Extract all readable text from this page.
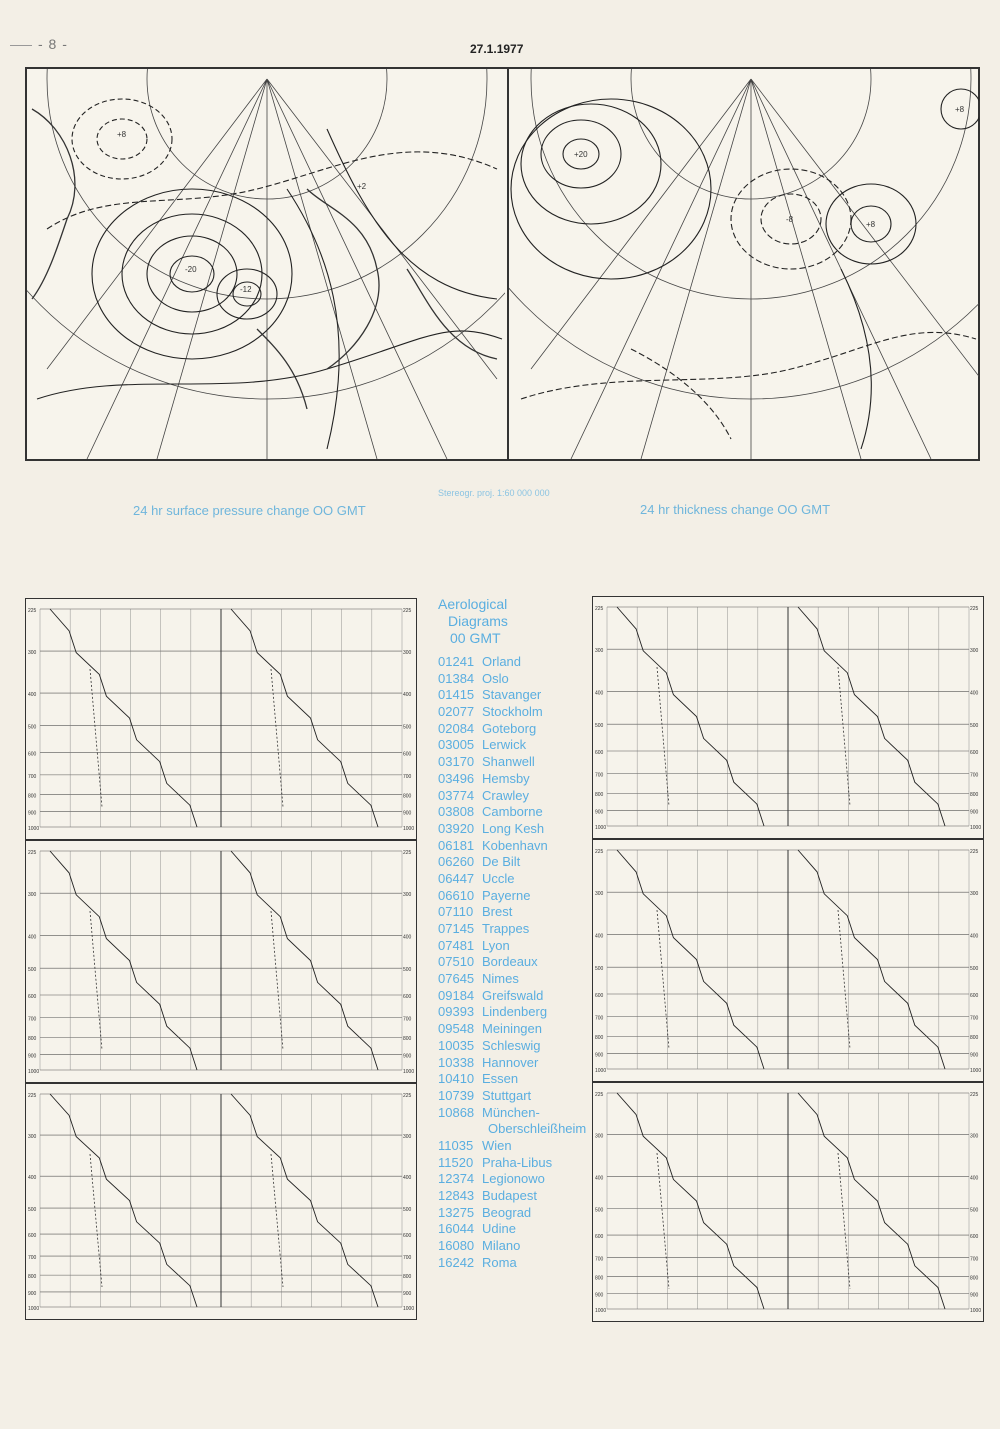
- 8 -	27.1.1977
-20
-12
+8
+2
+20
-8
+8
+8
24 hr surface pressure change OO GMT
Stereogr. proj. 1:60 000 000
24 hr thickness change OO GMT
225	225
300	300
400	400
500	500
600	600
700	700
800	800
900	900
1000	1000
225	225
300	300
400	400
500	500
600	600
700	700
800	800
900	900
1000	1000
225	225
300	300
400	400
500	500
600	600
700	700
800	800
900	900
1000	1000
225	225
300	300
400	400
500	500
600	600
700	700
800	800
900	900
1000	1000
225	225
300	300
400	400
500	500
600	600
700	700
800	800
900	900
1000	1000
225	225
300	300
400	400
500	500
600	600
700	700
800	800
900	900
1000	1000
Aerological
Diagrams
00 GMT
01241 Orland
01384 Oslo
01415 Stavanger
02077 Stockholm
02084 Goteborg
03005 Lerwick
03170 Shanwell
03496 Hemsby
03774 Crawley
03808 Camborne
03920 Long Kesh
06181 Kobenhavn
06260 De Bilt
06447 Uccle
06610 Payerne
07110 Brest
07145 Trappes
07481 Lyon
07510 Bordeaux
07645 Nimes
09184 Greifswald
09393 Lindenberg
09548 Meiningen
10035 Schleswig
10338 Hannover
10410 Essen
10739 Stuttgart
10868 München-
Oberschleißheim
11035 Wien
11520 Praha-Libus
12374 Legionowo
12843 Budapest
13275 Beograd
16044 Udine
16080 Milano
16242 Roma
